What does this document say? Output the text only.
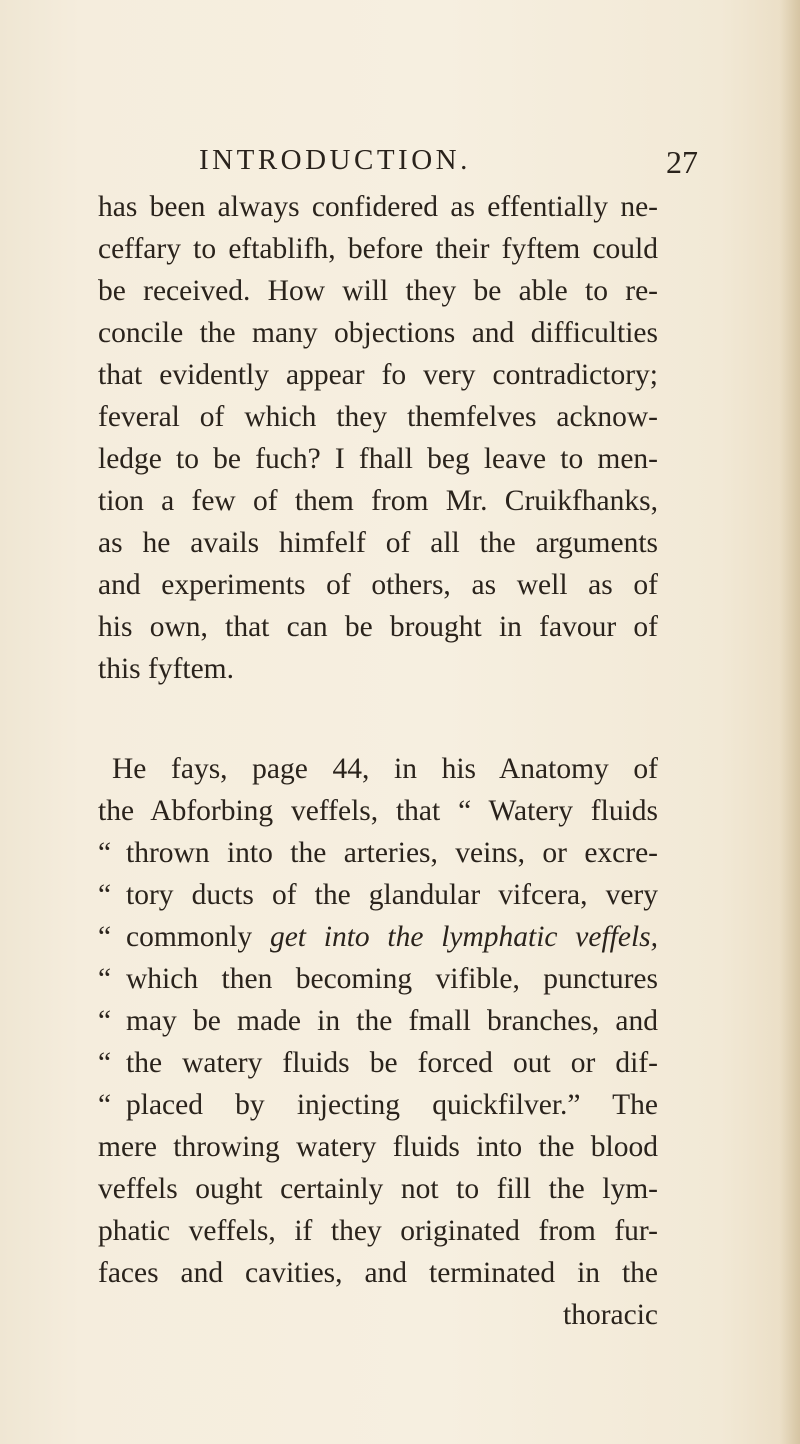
INTRODUCTION.	27
has been always confidered as effentially ne-
ceffary to eftablifh, before their fyftem could
be received. How will they be able to re-
concile the many objections and difficulties
that evidently appear fo very contradictory;
feveral of which they themfelves acknow-
ledge to be fuch? I fhall beg leave to men-
tion a few of them from Mr. Cruikfhanks,
as he avails himfelf of all the arguments
and experiments of others, as well as of
his own, that can be brought in favour of
this fyftem.
He fays, page 44, in his Anatomy of
the Abforbing veffels, that “ Watery fluids
“ thrown into the arteries, veins, or excre-
“ tory ducts of the glandular vifcera, very
“ commonly get into the lymphatic veffels,
“ which then becoming vifible, punctures
“ may be made in the fmall branches, and
“ the watery fluids be forced out or dif-
“ placed by injecting quickfilver.” The
mere throwing watery fluids into the blood
veffels ought certainly not to fill the lym-
phatic veffels, if they originated from fur-
faces and cavities, and terminated in the
thoracic
